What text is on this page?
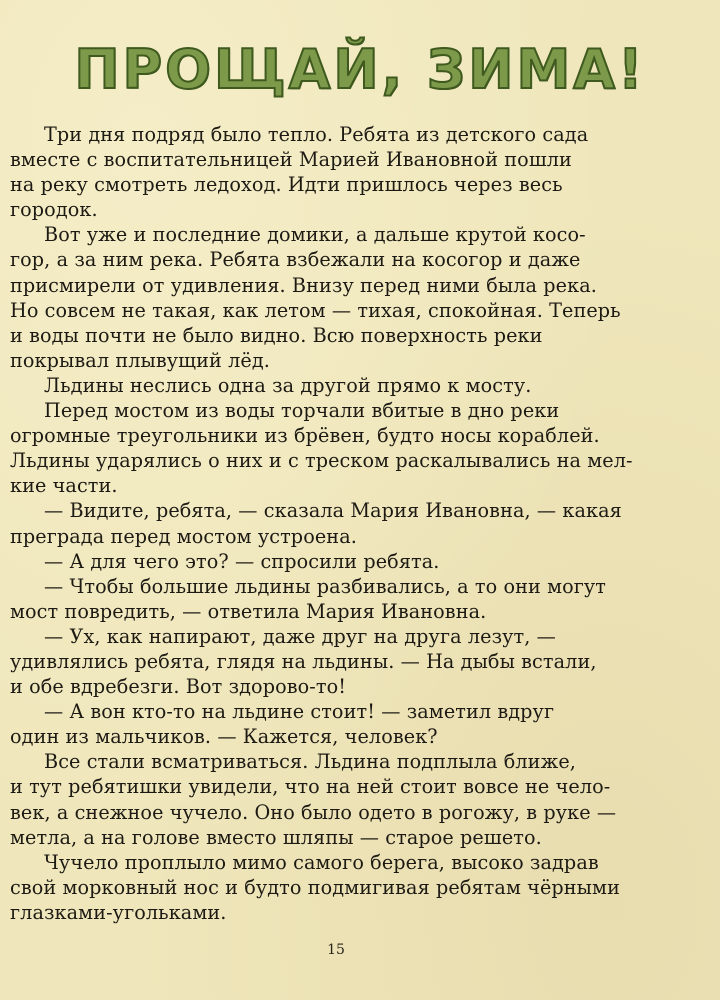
ПРОЩАЙ, ЗИМА!

Три дня подряд было тепло. Ребята из детского сада
вместе с воспитательницей Марией Ивановной пошли
на реку смотреть ледоход. Идти пришлось через весь
городок.

Вот уже и последние домики, а дальше крутой косо-
гор, а за ним река. Ребята взбежали на косогор и даже
присмирели от удивления. Внизу перед ними была река.
Но совсем не такая, как летом — тихая, спокойная. Теперь
и воды почти не было видно. Всю поверхность реки
покрывал плывущий лёд.

Льдины неслись одна за другой прямо к мосту.

Перед мостом из воды торчали вбитые в дно реки
огромные треугольники из брёвен, будто носы кораблей.
Льдины ударялись о них и с треском раскалывались на мел-
кие части.

— Видите, ребята, — сказала Мария Ивановна, — какая
преграда перед мостом устроена.

— А для чего это? — спросили ребята.

— Чтобы большие льдины разбивались, а то они могут
мост повредить, — ответила Мария Ивановна.

— Ух, как напирают, даже друг на друга лезут, —
удивлялись ребята, глядя на льдины. — На дыбы встали,
и обе вдребезги. Вот здорово-то!

— А вон кто-то на льдине стоит! — заметил вдруг
один из мальчиков. — Кажется, человек?

Все стали всматриваться. Льдина подплыла ближе,
и тут ребятишки увидели, что на ней стоит вовсе не чело-
век, а снежное чучело. Оно было одето в рогожу, в руке —
метла, а на голове вместо шляпы — старое решето.

Чучело проплыло мимо самого берега, высоко задрав
свой морковный нос и будто подмигивая ребятам чёрными
глазками-угольками.

15
